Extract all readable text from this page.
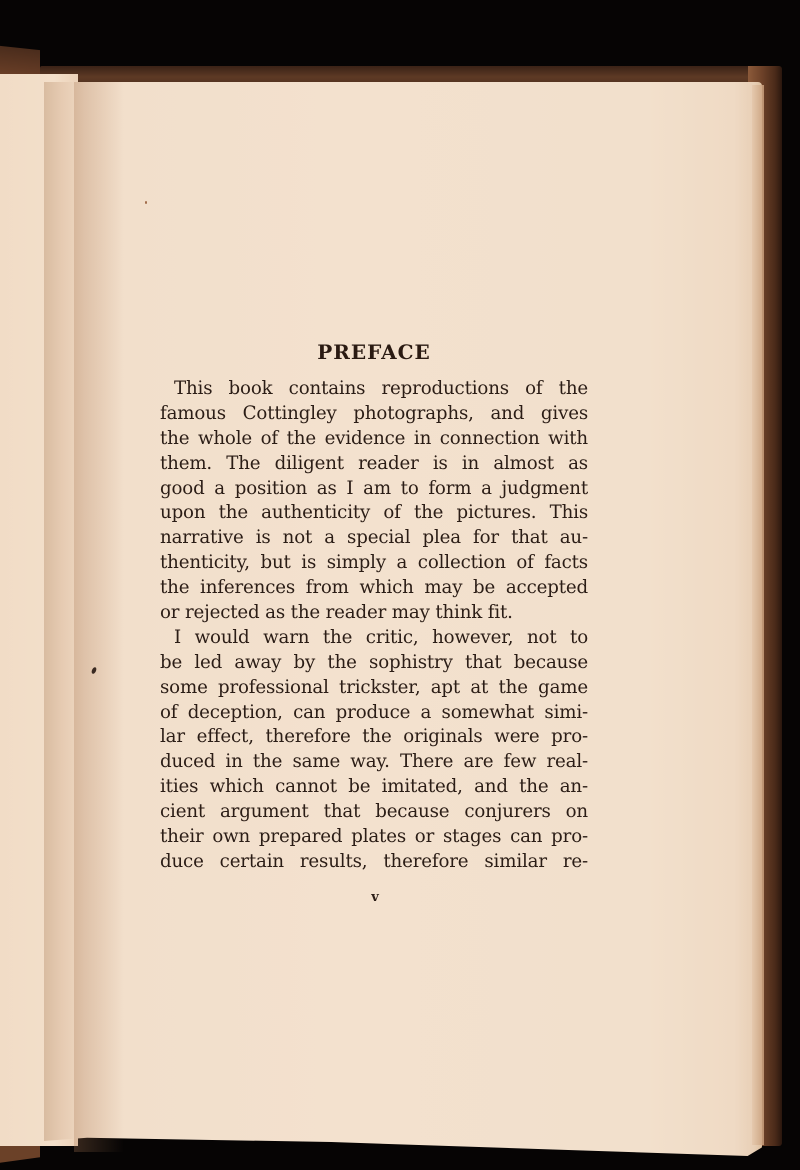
PREFACE
This book contains reproductions of the
famous Cottingley photographs, and gives
the whole of the evidence in connection with
them. The diligent reader is in almost as
good a position as I am to form a judgment
upon the authenticity of the pictures. This
narrative is not a special plea for that au-
thenticity, but is simply a collection of facts
the inferences from which may be accepted
or rejected as the reader may think fit.
I would warn the critic, however, not to
be led away by the sophistry that because
some professional trickster, apt at the game
of deception, can produce a somewhat simi-
lar effect, therefore the originals were pro-
duced in the same way. There are few real-
ities which cannot be imitated, and the an-
cient argument that because conjurers on
their own prepared plates or stages can pro-
duce certain results, therefore similar re-
v
